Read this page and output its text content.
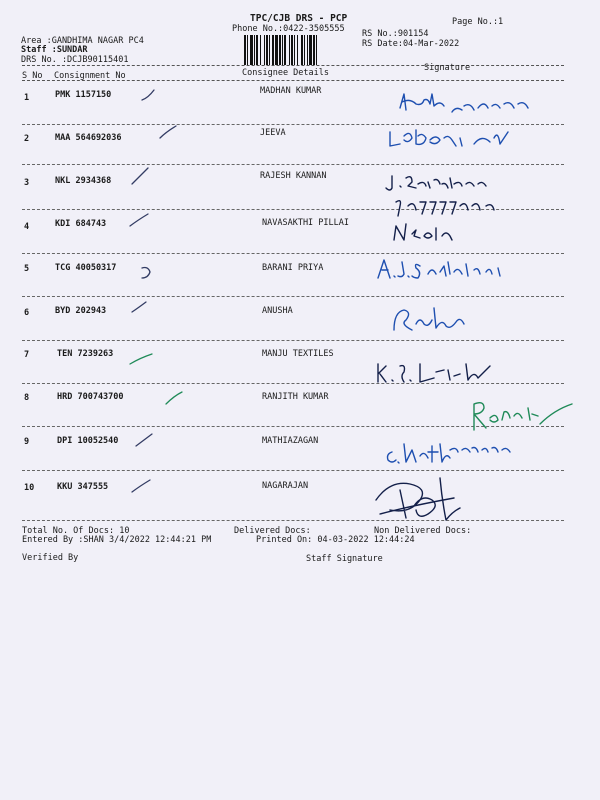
TPC/CJB DRS - PCP
Phone No.:0422-3505555
Page No.:1
Area :GANDHIMA NAGAR PC4
Staff :SUNDAR
DRS No. :DCJB90115401
RS No.:901154
RS Date:04-Mar-2022
S No Consignment No	Consignee Details	Signature
1	PMK 1157150	MADHAN KUMAR
2	MAA 564692036	JEEVA
3	NKL 2934368	RAJESH KANNAN
4	KDI 684743	NAVASAKTHI PILLAI
5	TCG 40050317	BARANI PRIYA
6	BYD 202943	ANUSHA
7	TEN 7239263	MANJU TEXTILES
8	HRD 700743700	RANJITH KUMAR
9	DPI 10052540	MATHIAZAGAN
10	KKU 347555	NAGARAJAN
Total No. Of Docs: 10	Delivered Docs:	Non Delivered Docs:
Entered By :SHAN 3/4/2022 12:44:21 PM	Printed On: 04-03-2022 12:44:24
Verified By	Staff Signature
